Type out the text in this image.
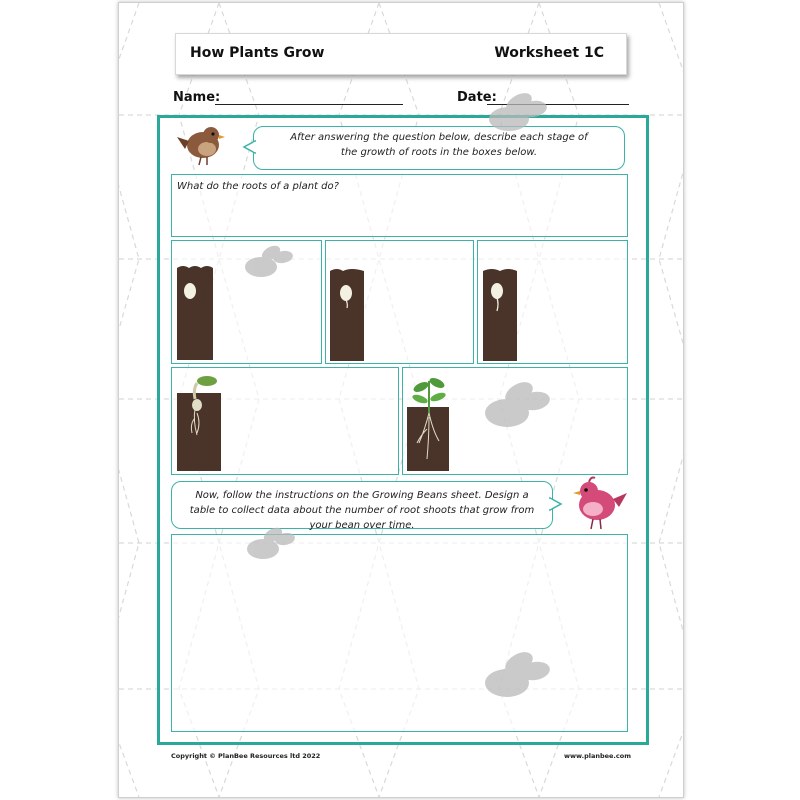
How Plants Grow	Worksheet 1C
Name:	Date:
After answering the question below, describe each stage of the growth of roots in the boxes below.
What do the roots of a plant do?
Now, follow the instructions on the Growing Beans sheet. Design a table to collect data about the number of root shoots that grow from your bean over time.
Copyright © PlanBee Resources ltd 2022	www.planbee.com
